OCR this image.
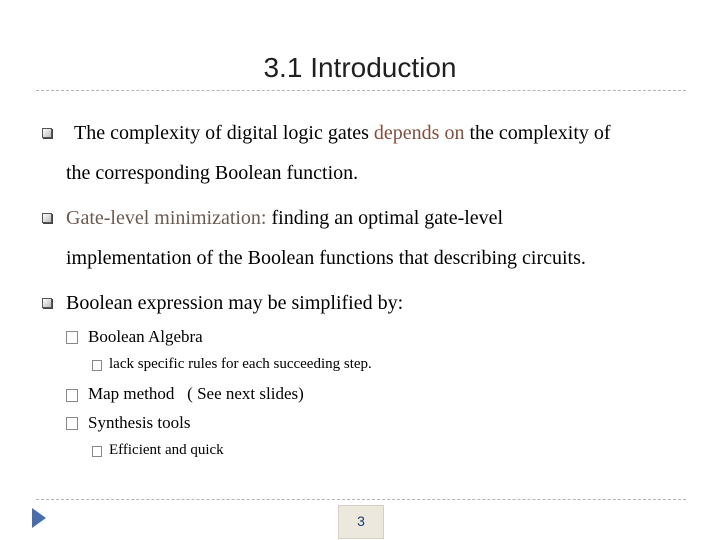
3.1 Introduction
The complexity of digital logic gates depends on the complexity of
the corresponding Boolean function.
Gate-level minimization: finding an optimal gate-level
implementation of the Boolean functions that describing circuits.
Boolean expression may be simplified by:
Boolean Algebra
lack specific rules for each succeeding step.
Map method   ( See next slides)
Synthesis tools
Efficient and quick
3
